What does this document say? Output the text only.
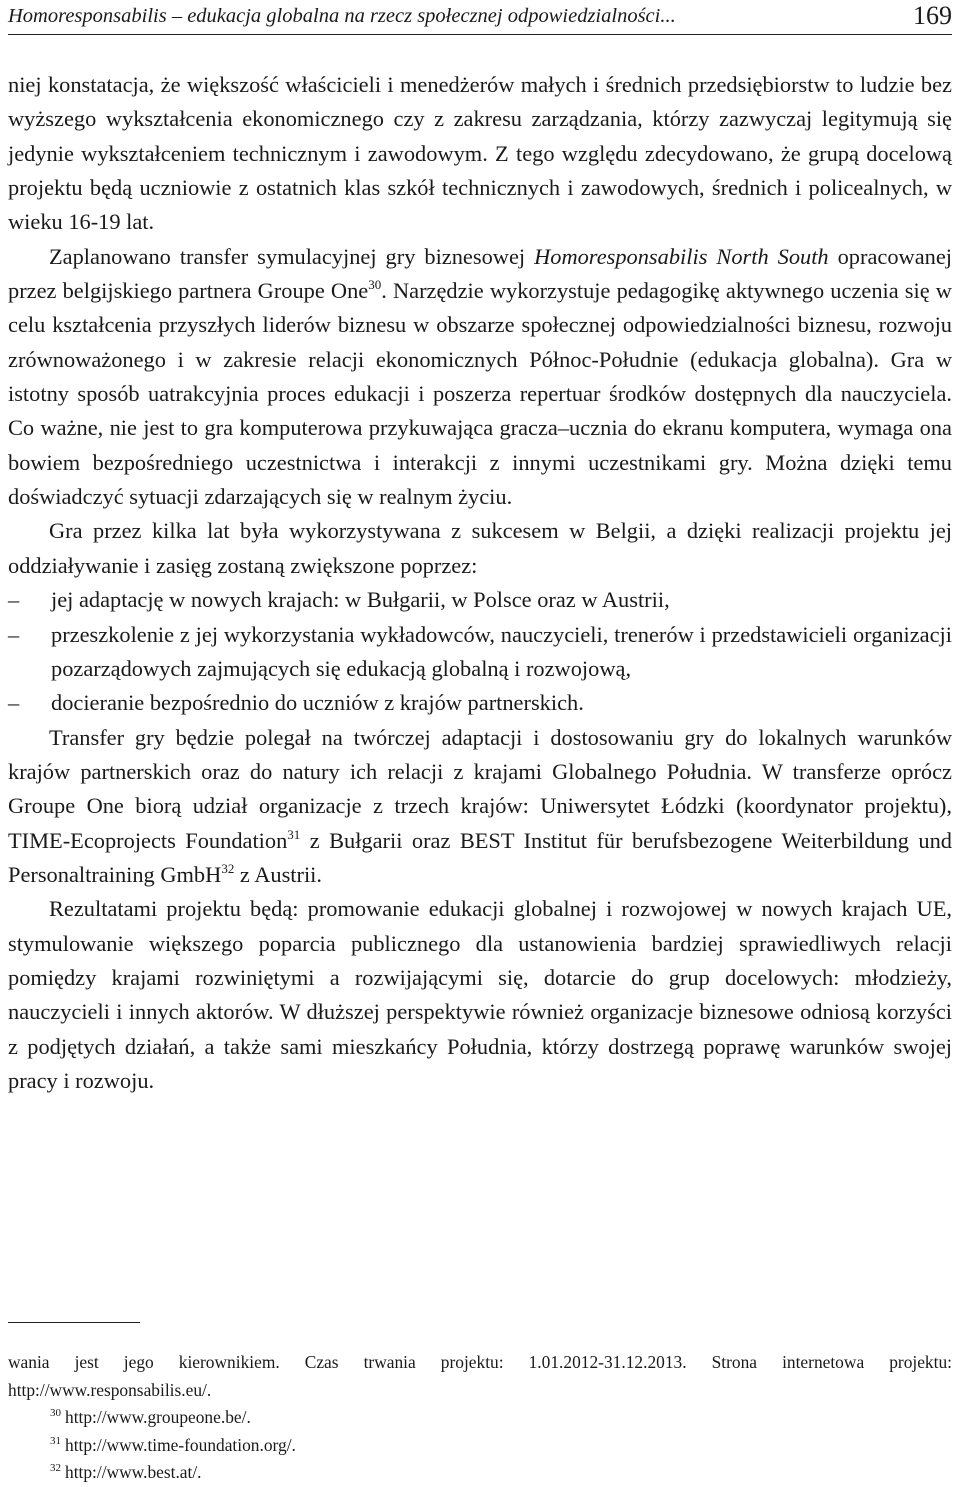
Homoresponsabilis – edukacja globalna na rzecz społecznej odpowiedzialności...	169

niej konstatacja, że większość właścicieli i menedżerów małych i średnich przedsiębiorstw to ludzie bez wyższego wykształcenia ekonomicznego czy z zakresu zarządzania, którzy zazwyczaj legitymują się jedynie wykształceniem technicznym i zawodowym. Z tego względu zdecydowano, że grupą docelową projektu będą uczniowie z ostatnich klas szkół technicznych i zawodowych, średnich i policealnych, w wieku 16-19 lat.

Zaplanowano transfer symulacyjnej gry biznesowej Homoresponsabilis North South opracowanej przez belgijskiego partnera Groupe One$^{30}$. Narzędzie wykorzystuje pedagogikę aktywnego uczenia się w celu kształcenia przyszłych liderów biznesu w obszarze społecznej odpowiedzialności biznesu, rozwoju zrównoważonego i w zakresie relacji ekonomicznych Północ-Południe (edukacja globalna). Gra w istotny sposób uatrakcyjnia proces edukacji i poszerza repertuar środków dostępnych dla nauczyciela. Co ważne, nie jest to gra komputerowa przykuwająca gracza–ucznia do ekranu komputera, wymaga ona bowiem bezpośredniego uczestnictwa i interakcji z innymi uczestnikami gry. Można dzięki temu doświadczyć sytuacji zdarzających się w realnym życiu.

Gra przez kilka lat była wykorzystywana z sukcesem w Belgii, a dzięki realizacji projektu jej oddziaływanie i zasięg zostaną zwiększone poprzez:

– jej adaptację w nowych krajach: w Bułgarii, w Polsce oraz w Austrii,
– przeszkolenie z jej wykorzystania wykładowców, nauczycieli, trenerów i przedstawicieli organizacji pozarządowych zajmujących się edukacją globalną i rozwojową,
– docieranie bezpośrednio do uczniów z krajów partnerskich.

Transfer gry będzie polegał na twórczej adaptacji i dostosowaniu gry do lokalnych warunków krajów partnerskich oraz do natury ich relacji z krajami Globalnego Południa. W transferze oprócz Groupe One biorą udział organizacje z trzech krajów: Uniwersytet Łódzki (koordynator projektu), TIME-Ecoprojects Foundation$^{31}$ z Bułgarii oraz BEST Institut für berufsbezogene Weiterbildung und Personaltraining GmbH$^{32}$ z Austrii.

Rezultatami projektu będą: promowanie edukacji globalnej i rozwojowej w nowych krajach UE, stymulowanie większego poparcia publicznego dla ustanowienia bardziej sprawiedliwych relacji pomiędzy krajami rozwiniętymi a rozwijającymi się, dotarcie do grup docelowych: młodzieży, nauczycieli i innych aktorów. W dłuższej perspektywie również organizacje biznesowe odniosą korzyści z podjętych działań, a także sami mieszkańcy Południa, którzy dostrzegą poprawę warunków swojej pracy i rozwoju.

wania jest jego kierownikiem. Czas trwania projektu: 1.01.2012-31.12.2013. Strona internetowa projektu: http://www.responsabilis.eu/.

$^{30}$ http://www.groupeone.be/.

$^{31}$ http://www.time-foundation.org/.

$^{32}$ http://www.best.at/.
